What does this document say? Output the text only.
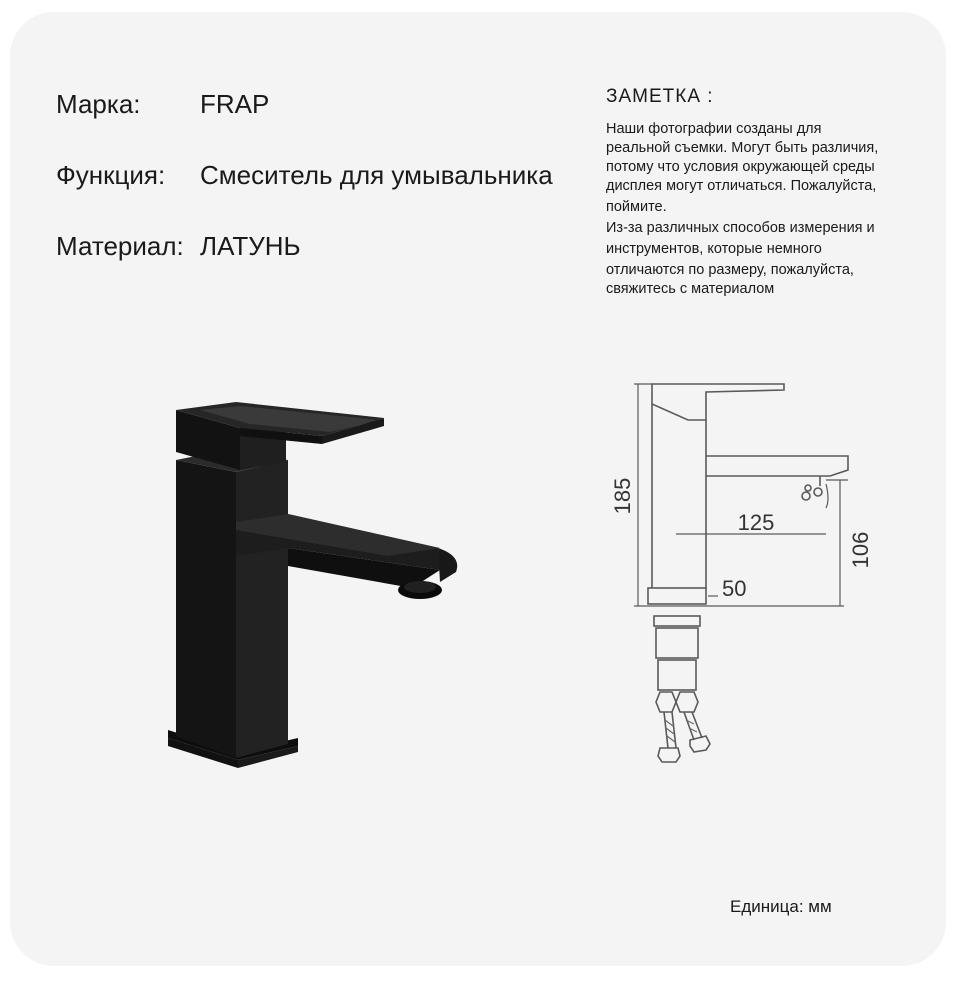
Марка: FRAP
Функция: Смеситель для умывальника
Материал: ЛАТУНЬ
ЗАМЕТКА :
Наши фотографии созданы для
реальной съемки. Могут быть различия,
потому что условия окружающей среды
дисплея могут отличаться. Пожалуйста,
поймите.
Из-за различных способов измерения и
инструментов, которые немного
отличаются по размеру, пожалуйста,
свяжитесь с материалом
185
125
106
50
Единица: мм
